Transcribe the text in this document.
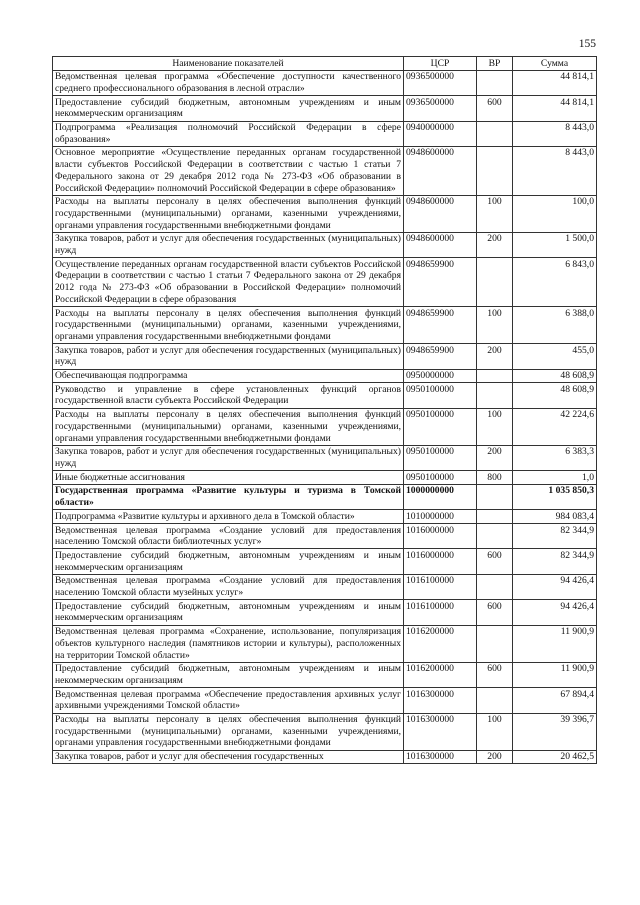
155
Наименование показателей	ЦСР	ВР	Сумма
Ведомственная целевая программа «Обеспечение доступности качественного среднего профессионального образования в лесной отрасли»	0936500000		44 814,1
Предоставление субсидий бюджетным, автономным учреждениям и иным некоммерческим организациям	0936500000	600	44 814,1
Подпрограмма «Реализация полномочий Российской Федерации в сфере образования»	0940000000		8 443,0
Основное мероприятие «Осуществление переданных органам государственной власти субъектов Российской Федерации в соответствии с частью 1 статьи 7 Федерального закона от 29 декабря 2012 года № 273-ФЗ «Об образовании в Российской Федерации» полномочий Российской Федерации в сфере образования»	0948600000		8 443,0
Расходы на выплаты персоналу в целях обеспечения выполнения функций государственными (муниципальными) органами, казенными учреждениями, органами управления государственными внебюджетными фондами	0948600000	100	100,0
Закупка товаров, работ и услуг для обеспечения государственных (муниципальных) нужд	0948600000	200	1 500,0
Осуществление переданных органам государственной власти субъектов Российской Федерации в соответствии с частью 1 статьи 7 Федерального закона от 29 декабря 2012 года № 273-ФЗ «Об образовании в Российской Федерации» полномочий Российской Федерации в сфере образования	0948659900		6 843,0
Расходы на выплаты персоналу в целях обеспечения выполнения функций государственными (муниципальными) органами, казенными учреждениями, органами управления государственными внебюджетными фондами	0948659900	100	6 388,0
Закупка товаров, работ и услуг для обеспечения государственных (муниципальных) нужд	0948659900	200	455,0
Обеспечивающая подпрограмма	0950000000		48 608,9
Руководство и управление в сфере установленных функций органов государственной власти субъекта Российской Федерации	0950100000		48 608,9
Расходы на выплаты персоналу в целях обеспечения выполнения функций государственными (муниципальными) органами, казенными учреждениями, органами управления государственными внебюджетными фондами	0950100000	100	42 224,6
Закупка товаров, работ и услуг для обеспечения государственных (муниципальных) нужд	0950100000	200	6 383,3
Иные бюджетные ассигнования	0950100000	800	1,0
Государственная программа «Развитие культуры и туризма в Томской области»	1000000000		1 035 850,3
Подпрограмма «Развитие культуры и архивного дела в Томской области»	1010000000		984 083,4
Ведомственная целевая программа «Создание условий для предоставления населению Томской области библиотечных услуг»	1016000000		82 344,9
Предоставление субсидий бюджетным, автономным учреждениям и иным некоммерческим организациям	1016000000	600	82 344,9
Ведомственная целевая программа «Создание условий для предоставления населению Томской области музейных услуг»	1016100000		94 426,4
Предоставление субсидий бюджетным, автономным учреждениям и иным некоммерческим организациям	1016100000	600	94 426,4
Ведомственная целевая программа «Сохранение, использование, популяризация объектов культурного наследия (памятников истории и культуры), расположенных на территории Томской области»	1016200000		11 900,9
Предоставление субсидий бюджетным, автономным учреждениям и иным некоммерческим организациям	1016200000	600	11 900,9
Ведомственная целевая программа «Обеспечение предоставления архивных услуг архивными учреждениями Томской области»	1016300000		67 894,4
Расходы на выплаты персоналу в целях обеспечения выполнения функций государственными (муниципальными) органами, казенными учреждениями, органами управления государственными внебюджетными фондами	1016300000	100	39 396,7
Закупка товаров, работ и услуг для обеспечения государственных	1016300000	200	20 462,5
